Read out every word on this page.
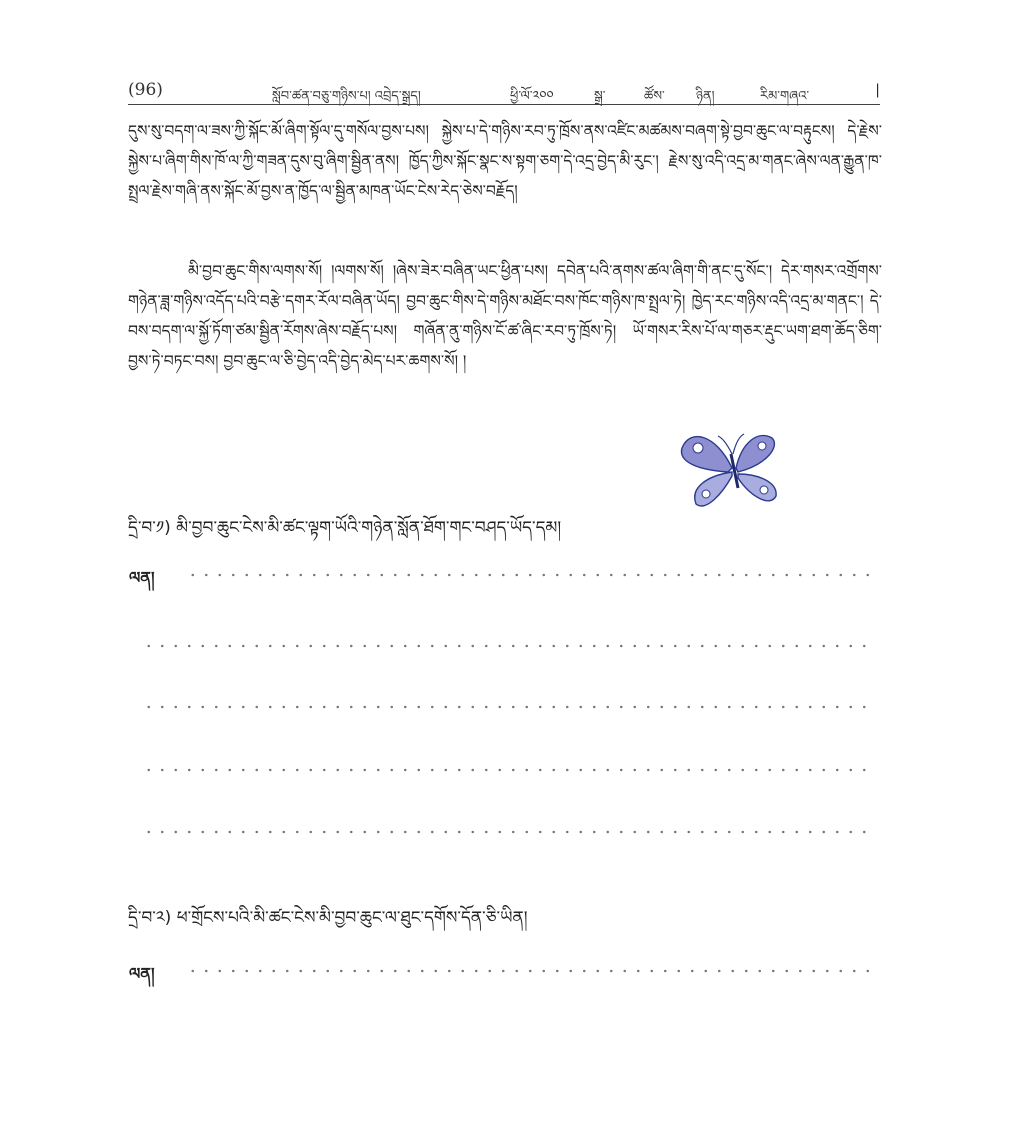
(96)	སློབ་ཚན་བཅུ་གཉིས་པ། འབྲེད་སྒྲད།	ཕྱི་ལོ་༢༠༠	སྒྲ་	ཚོས་ ཉིན།	རིམ་གཞའ་	|
དུས་སུ་བདག་ལ་ཟས་ཀྱི་སྐོང་མོ་ཞིག་སྟོལ་དུ་གསོལ་བྱས་པས། སྐྱེས་པ་དེ་གཉིས་རབ་ཏུ་ཁྲོས་ནས་འཛིང་མཚམས་བཞག་སྟེ་བྱབ་ཆུང་ལ་བརྟུངས། དེ་རྗེས་སྐྱེས་པ་ཞིག་གིས་ཁོ་ལ་ཀྱི་གཟན་དུས་བུ་ཞིག་སྦྱིན་ནས། ཁྱོད་ཀྱིས་སྐོང་སྣང་ས་སྟག་ཅག་དེ་འདྲ་བྱེད་མི་རུང་། རྗེས་སུ་འདི་འདྲ་མ་གནང་ཞེས་ལན་རྒྱུན་ཁ་སྤྲལ་རྗེས་གཞི་ནས་སྐོང་མོ་བྱས་ན་ཁྱོད་ལ་སྦྱིན་མཁན་ཡོང་ངེས་རེད་ཅེས་བརྗོད།
མི་བྱབ་ཆུང་གིས་ལགས་སོ། །ལགས་སོ། །ཞེས་ཟེར་བཞིན་ཡང་ཕྱིན་པས། དབེན་པའི་ནགས་ཚལ་ཞིག་གི་ནང་དུ་སོང་། དེར་གསར་འགྲོགས་གཉེན་ཟླ་གཉིས་འདོད་པའི་བརྩེ་དགར་རོལ་བཞིན་ཡོད། བྱབ་ཆུང་གིས་དེ་གཉིས་མཐོང་བས་ཁོང་གཉིས་ཁ་སྤྲལ་ཏེ། ཁྱེད་རང་གཉིས་འདི་འདྲ་མ་གནང་། དེ་བས་བདག་ལ་སྐྱོ་ཏོག་ཙམ་སྦྱིན་རོགས་ཞེས་བརྗོད་པས། གཞོན་ནུ་གཉིས་ངོ་ཚ་ཞིང་རབ་ཏུ་ཁྲོས་ཏེ། ཡོ་གསར་རིས་པོ་ལ་གཅར་རྡུང་ཡག་ཐག་ཆོད་ཅིག་བྱས་ཏེ་བཏང་བས། བྱབ་ཆུང་ལ་ཅི་བྱེད་འདི་བྱེད་མེད་པར་ཆགས་སོ། །
དྲི་བ་༡) མི་བྱབ་ཆུང་ངེས་མི་ཚང་ལྟག་ཡོའི་གཉེན་སློན་ཐོག་གང་བཤད་ཡོད་དམ།
ལན།
དྲི་བ་༢) ཕ་གྲོངས་པའི་མི་ཚང་ངེས་མི་བྱབ་ཆུང་ལ་ཐུང་དགོས་དོན་ཅི་ཡིན།
ལན།
